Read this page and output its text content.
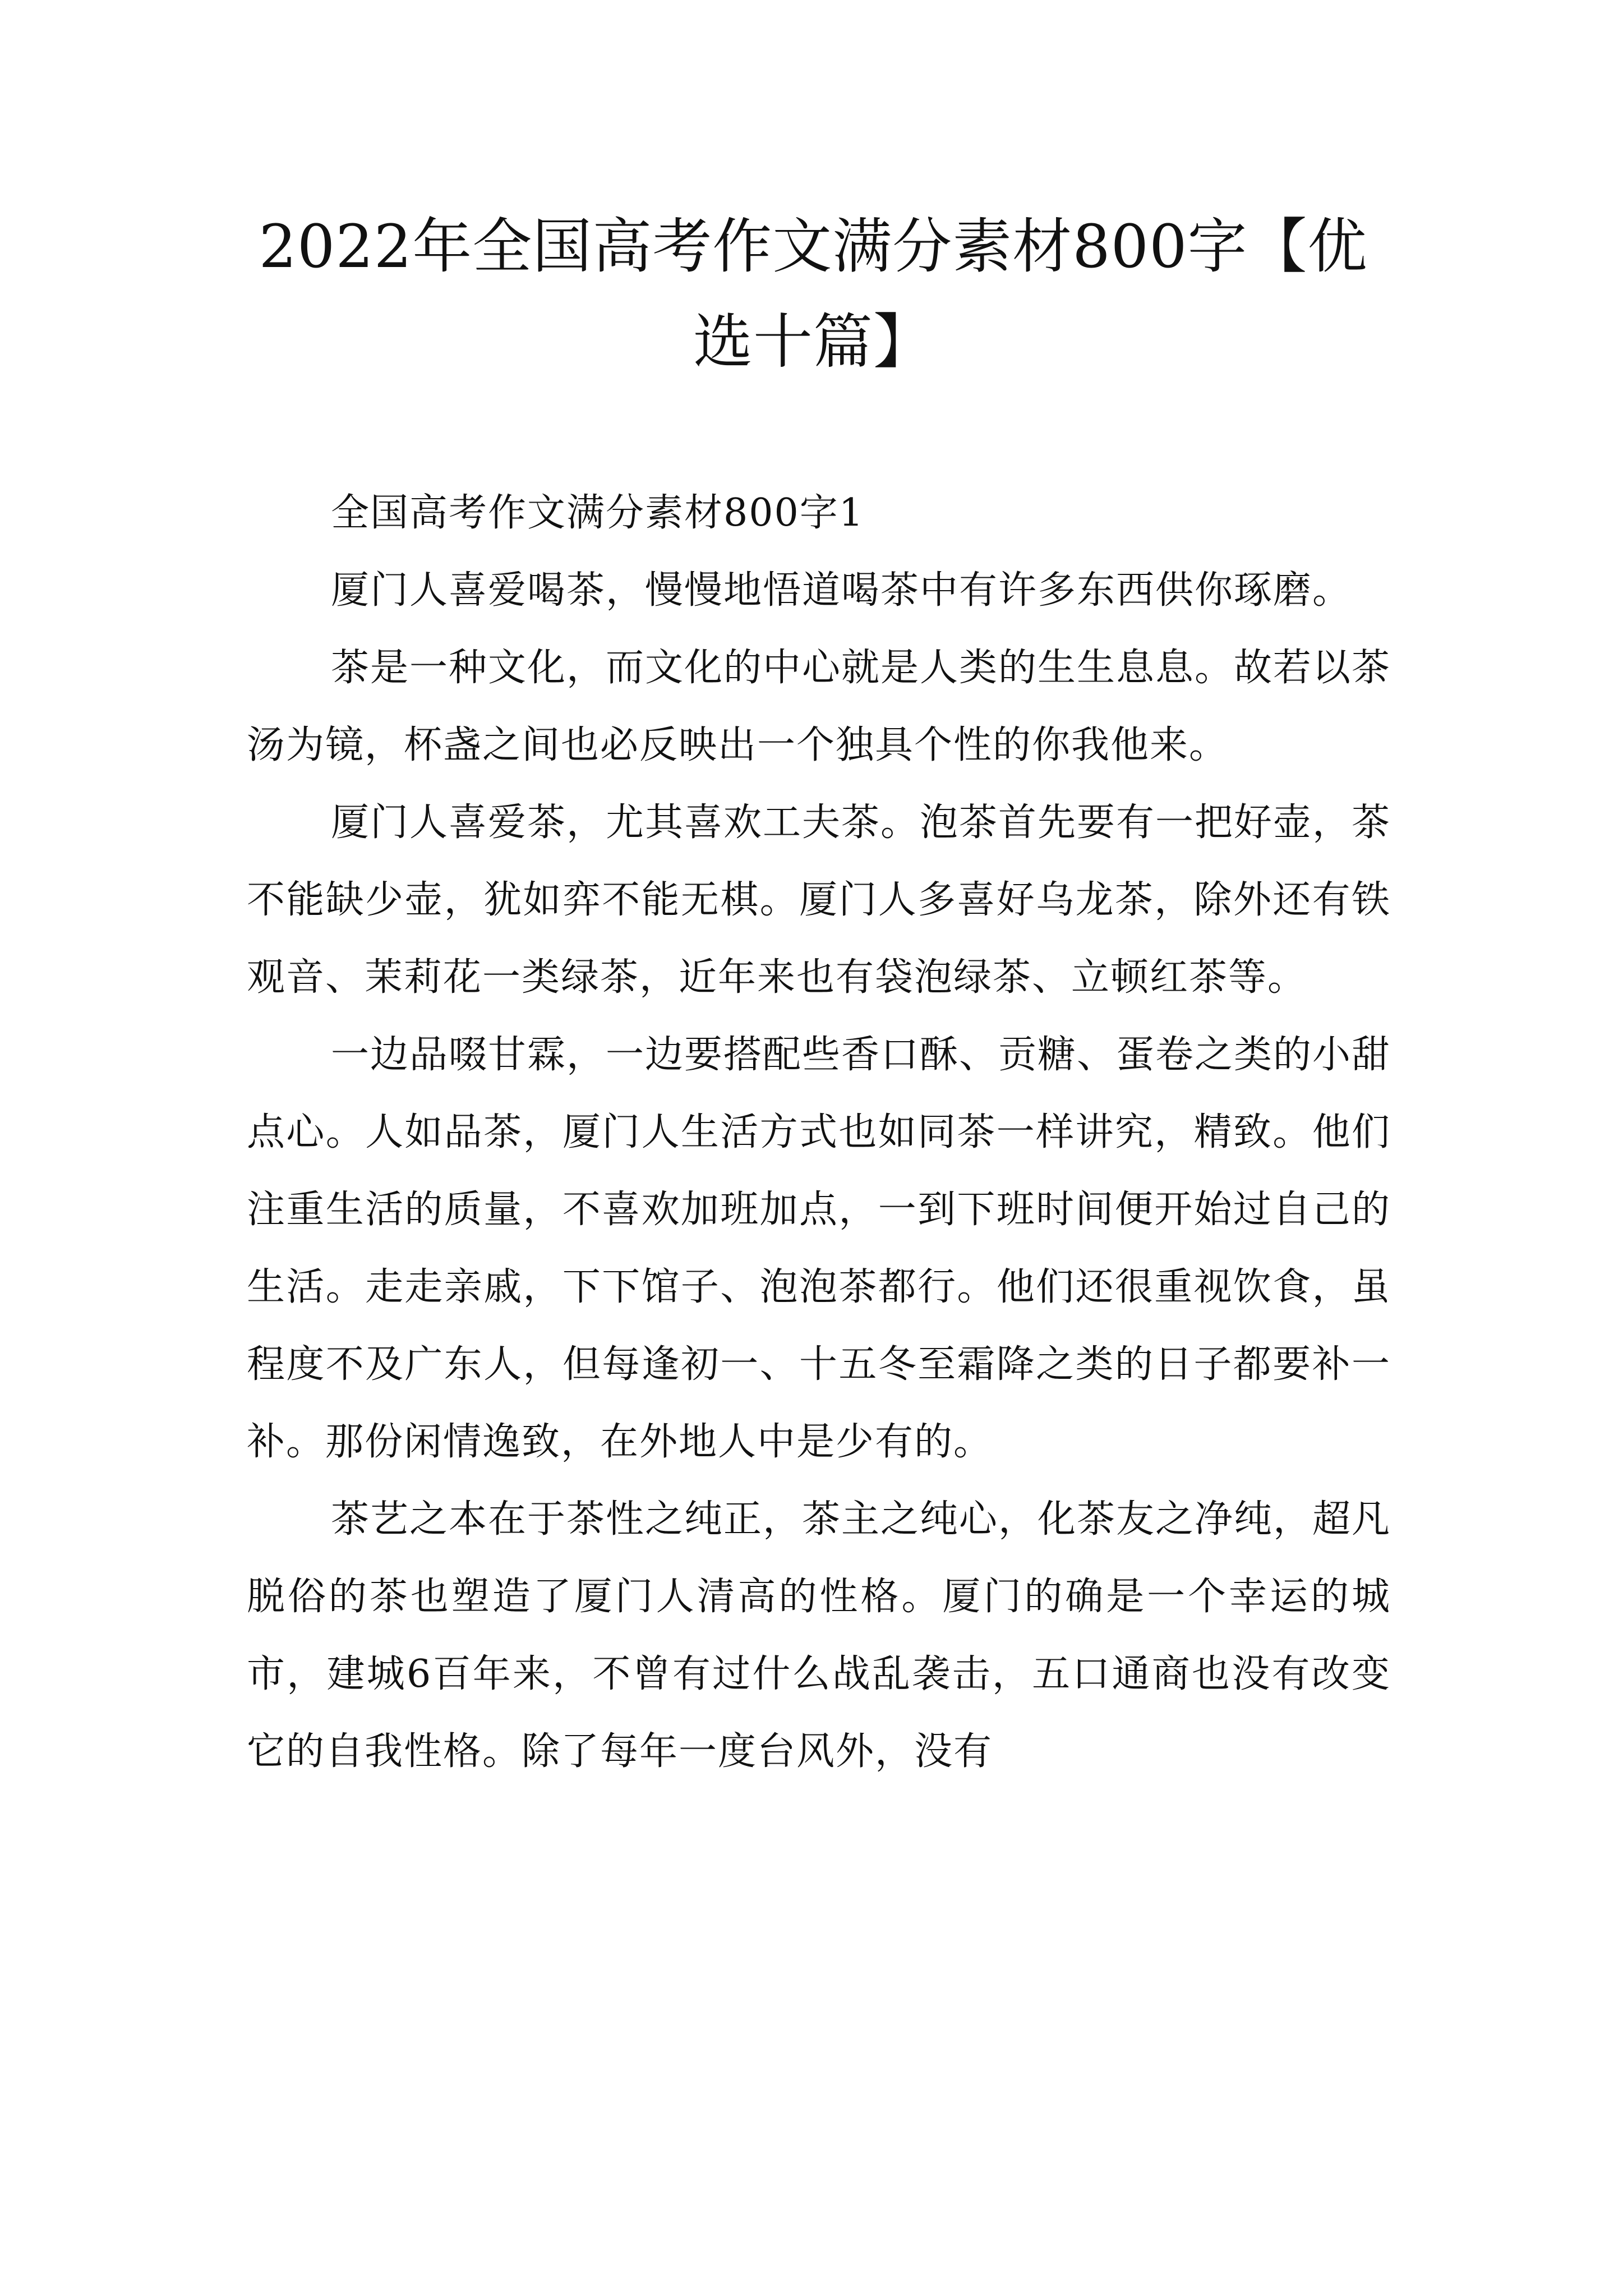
2022年全国高考作文满分素材800字【优选十篇】

全国高考作文满分素材800字1

厦门人喜爱喝茶，慢慢地悟道喝茶中有许多东西供你琢磨。

茶是一种文化，而文化的中心就是人类的生生息息。故若以茶汤为镜，杯盏之间也必反映出一个独具个性的你我他来。

厦门人喜爱茶，尤其喜欢工夫茶。泡茶首先要有一把好壶，茶不能缺少壶，犹如弈不能无棋。厦门人多喜好乌龙茶，除外还有铁观音、茉莉花一类绿茶，近年来也有袋泡绿茶、立顿红茶等。

一边品啜甘霖，一边要搭配些香口酥、贡糖、蛋卷之类的小甜点心。人如品茶，厦门人生活方式也如同茶一样讲究，精致。他们注重生活的质量，不喜欢加班加点，一到下班时间便开始过自己的生活。走走亲戚，下下馆子、泡泡茶都行。他们还很重视饮食，虽程度不及广东人，但每逢初一、十五冬至霜降之类的日子都要补一补。那份闲情逸致，在外地人中是少有的。

茶艺之本在于茶性之纯正，茶主之纯心，化茶友之净纯，超凡脱俗的茶也塑造了厦门人清高的性格。厦门的确是一个幸运的城市，建城6百年来，不曾有过什么战乱袭击，五口通商也没有改变它的自我性格。除了每年一度台风外，没有
